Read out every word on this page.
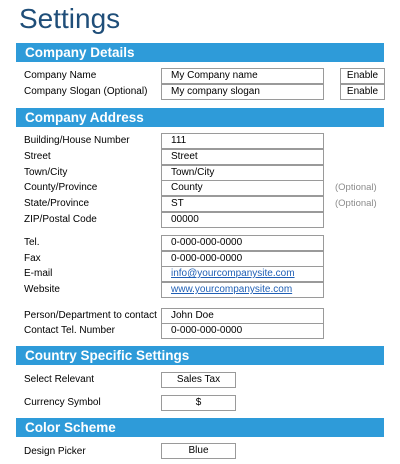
Settings
Company Details
Company Name	My Company name	Enable
Company Slogan (Optional)	My company slogan	Enable
Company Address
Building/House Number	111
Street	Street
Town/City	Town/City
County/Province	County	(Optional)
State/Province	ST	(Optional)
ZIP/Postal Code	00000
Tel.	0-000-000-0000
Fax	0-000-000-0000
E-mail	info@yourcompanysite.com
Website	www.yourcompanysite.com
Person/Department to contact	John Doe
Contact Tel. Number	0-000-000-0000
Country Specific Settings
Select Relevant	Sales Tax
Currency Symbol	$
Color Scheme
Design Picker	Blue
